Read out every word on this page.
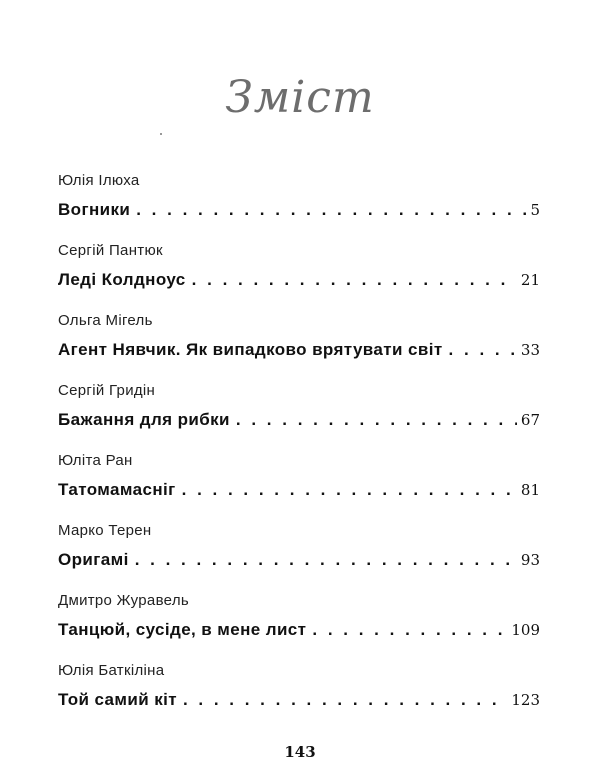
Зміст
Юлія Ілюха
Вогники . . .	5
Сергій Пантюк
Леді Колдноус . . .	21
Ольга Мігель
Агент Нявчик. Як випадково врятувати світ . . .	33
Сергій Гридін
Бажання для рибки . . .	67
Юліта Ран
Татомамасніг . . .	81
Марко Терен
Оригамі . . .	93
Дмитро Журавель
Танцюй, сусіде, в мене лист . . .	109
Юлія Баткіліна
Той самий кіт . . .	123
143
